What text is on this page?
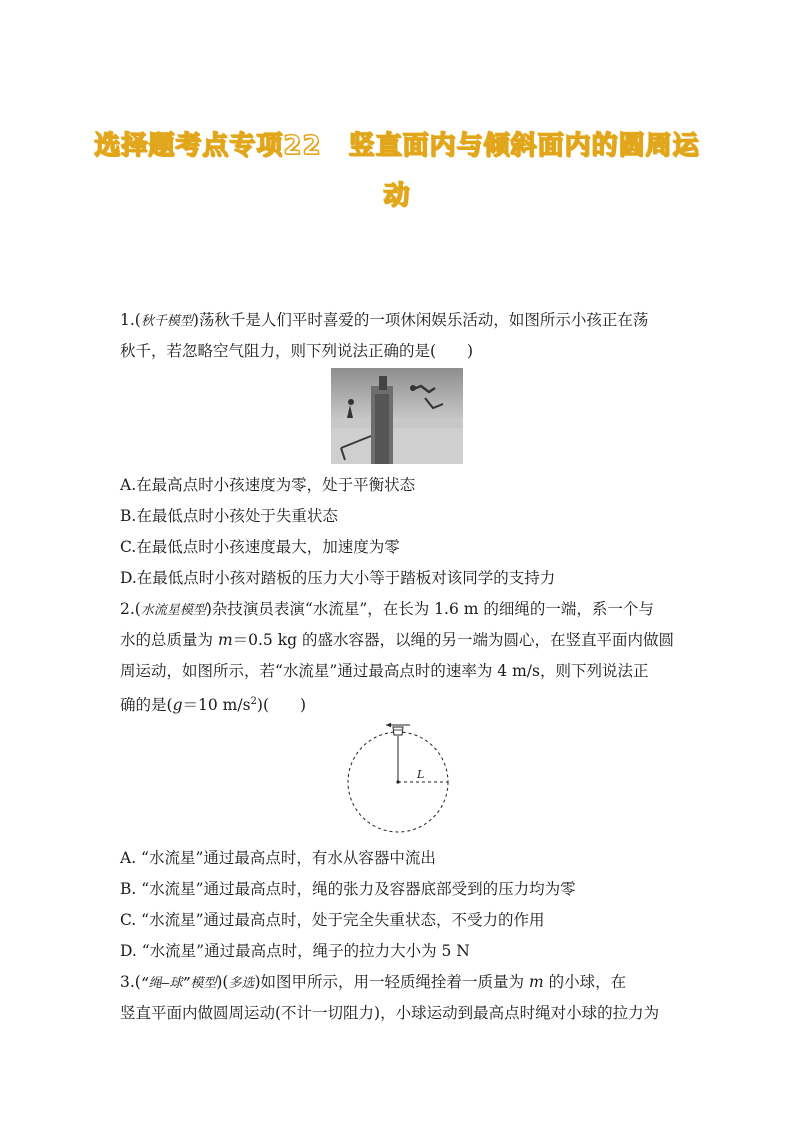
选择题考点专项22　竖直面内与倾斜面内的圆周运
动
1.(秋千模型)荡秋千是人们平时喜爱的一项休闲娱乐活动，如图所示小孩正在荡
秋千，若忽略空气阻力，则下列说法正确的是(　　)
A.在最高点时小孩速度为零，处于平衡状态
B.在最低点时小孩处于失重状态
C.在最低点时小孩速度最大，加速度为零
D.在最低点时小孩对踏板的压力大小等于踏板对该同学的支持力
2.(水流星模型)杂技演员表演“水流星”，在长为 1.6 m 的细绳的一端，系一个与
水的总质量为 m＝0.5 kg 的盛水容器，以绳的另一端为圆心，在竖直平面内做圆
周运动，如图所示，若“水流星”通过最高点时的速率为 4 m/s，则下列说法正
确的是(g＝10 $m/s^2$)(　　)
L
A. “水流星”通过最高点时，有水从容器中流出
B. “水流星”通过最高点时，绳的张力及容器底部受到的压力均为零
C. “水流星”通过最高点时，处于完全失重状态，不受力的作用
D. “水流星”通过最高点时，绳子的拉力大小为 5 N
3.(“绳—球”模型)(多选)如图甲所示，用一轻质绳拴着一质量为 m 的小球，在
竖直平面内做圆周运动(不计一切阻力)，小球运动到最高点时绳对小球的拉力为
